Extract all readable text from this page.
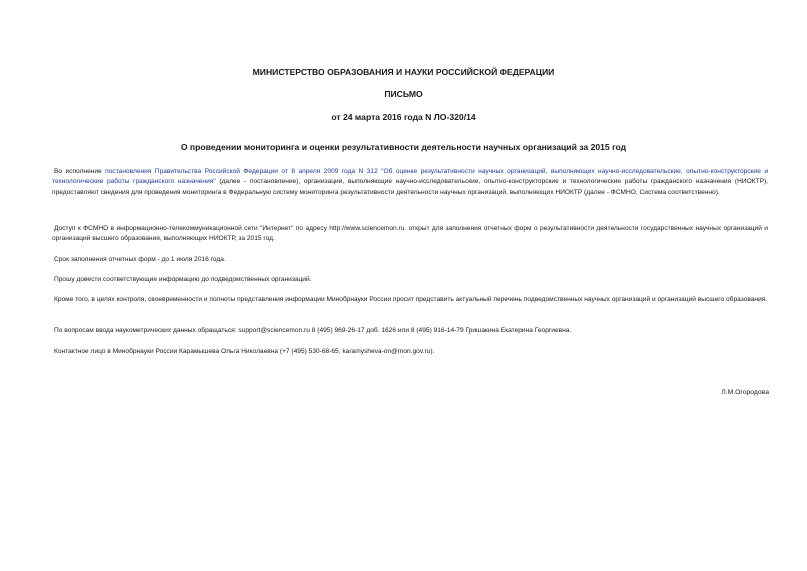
МИНИСТЕРСТВО ОБРАЗОВАНИЯ И НАУКИ РОССИЙСКОЙ ФЕДЕРАЦИИ
ПИСЬМО
от 24 марта 2016 года N ЛО-320/14
О проведении мониторинга и оценки результативности деятельности научных организаций за 2015 год
Во исполнение постановления Правительства Российской Федерации от 8 апреля 2009 года N 312 "Об оценке результативности научных организаций, выполняющих научно-исследовательские, опытно-конструкторские и технологические работы гражданского назначения" (далее - постановление), организации, выполняющие научно-исследовательские, опытно-конструкторские и технологические работы гражданского назначения (НИОКТР), предоставляют сведения для проведения мониторинга в Федеральную систему мониторинга результативности деятельности научных организаций, выполняющих НИОКТР (далее - ФСМНО, Система соответственно).
Доступ к ФСМНО в информационно-телекоммуникационной сети "Интернет" по адресу http://www.sciencemon.ru. открыт для заполнения отчетных форм о результативности деятельности государственных научных организаций и организаций высшего образования, выполняющих НИОКТР, за 2015 год.
Срок заполнения отчетных форм - до 1 июля 2016 года.
Прошу довести соответствующие информацию до подведомственных организаций.
Кроме того, в целях контроля, своевременности и полноты представления информации Минобрнауки России просит представить актуальный перечень подведомственных научных организаций и организаций высшего образования.
По вопросам ввода наукометрических данных обращаться: support@sciencemon.ru 8 (495) 969-26-17 доб. 1626 или 8 (495) 916-14-79 Гришакина Екатерина Георгиевна.
Контактное лицо в Минобрнауки России Карамышева Ольга Николаевна (+7 (495) 530-68-65; karamysheva-on@mon.gov.ru).
Л.М.Огородова
